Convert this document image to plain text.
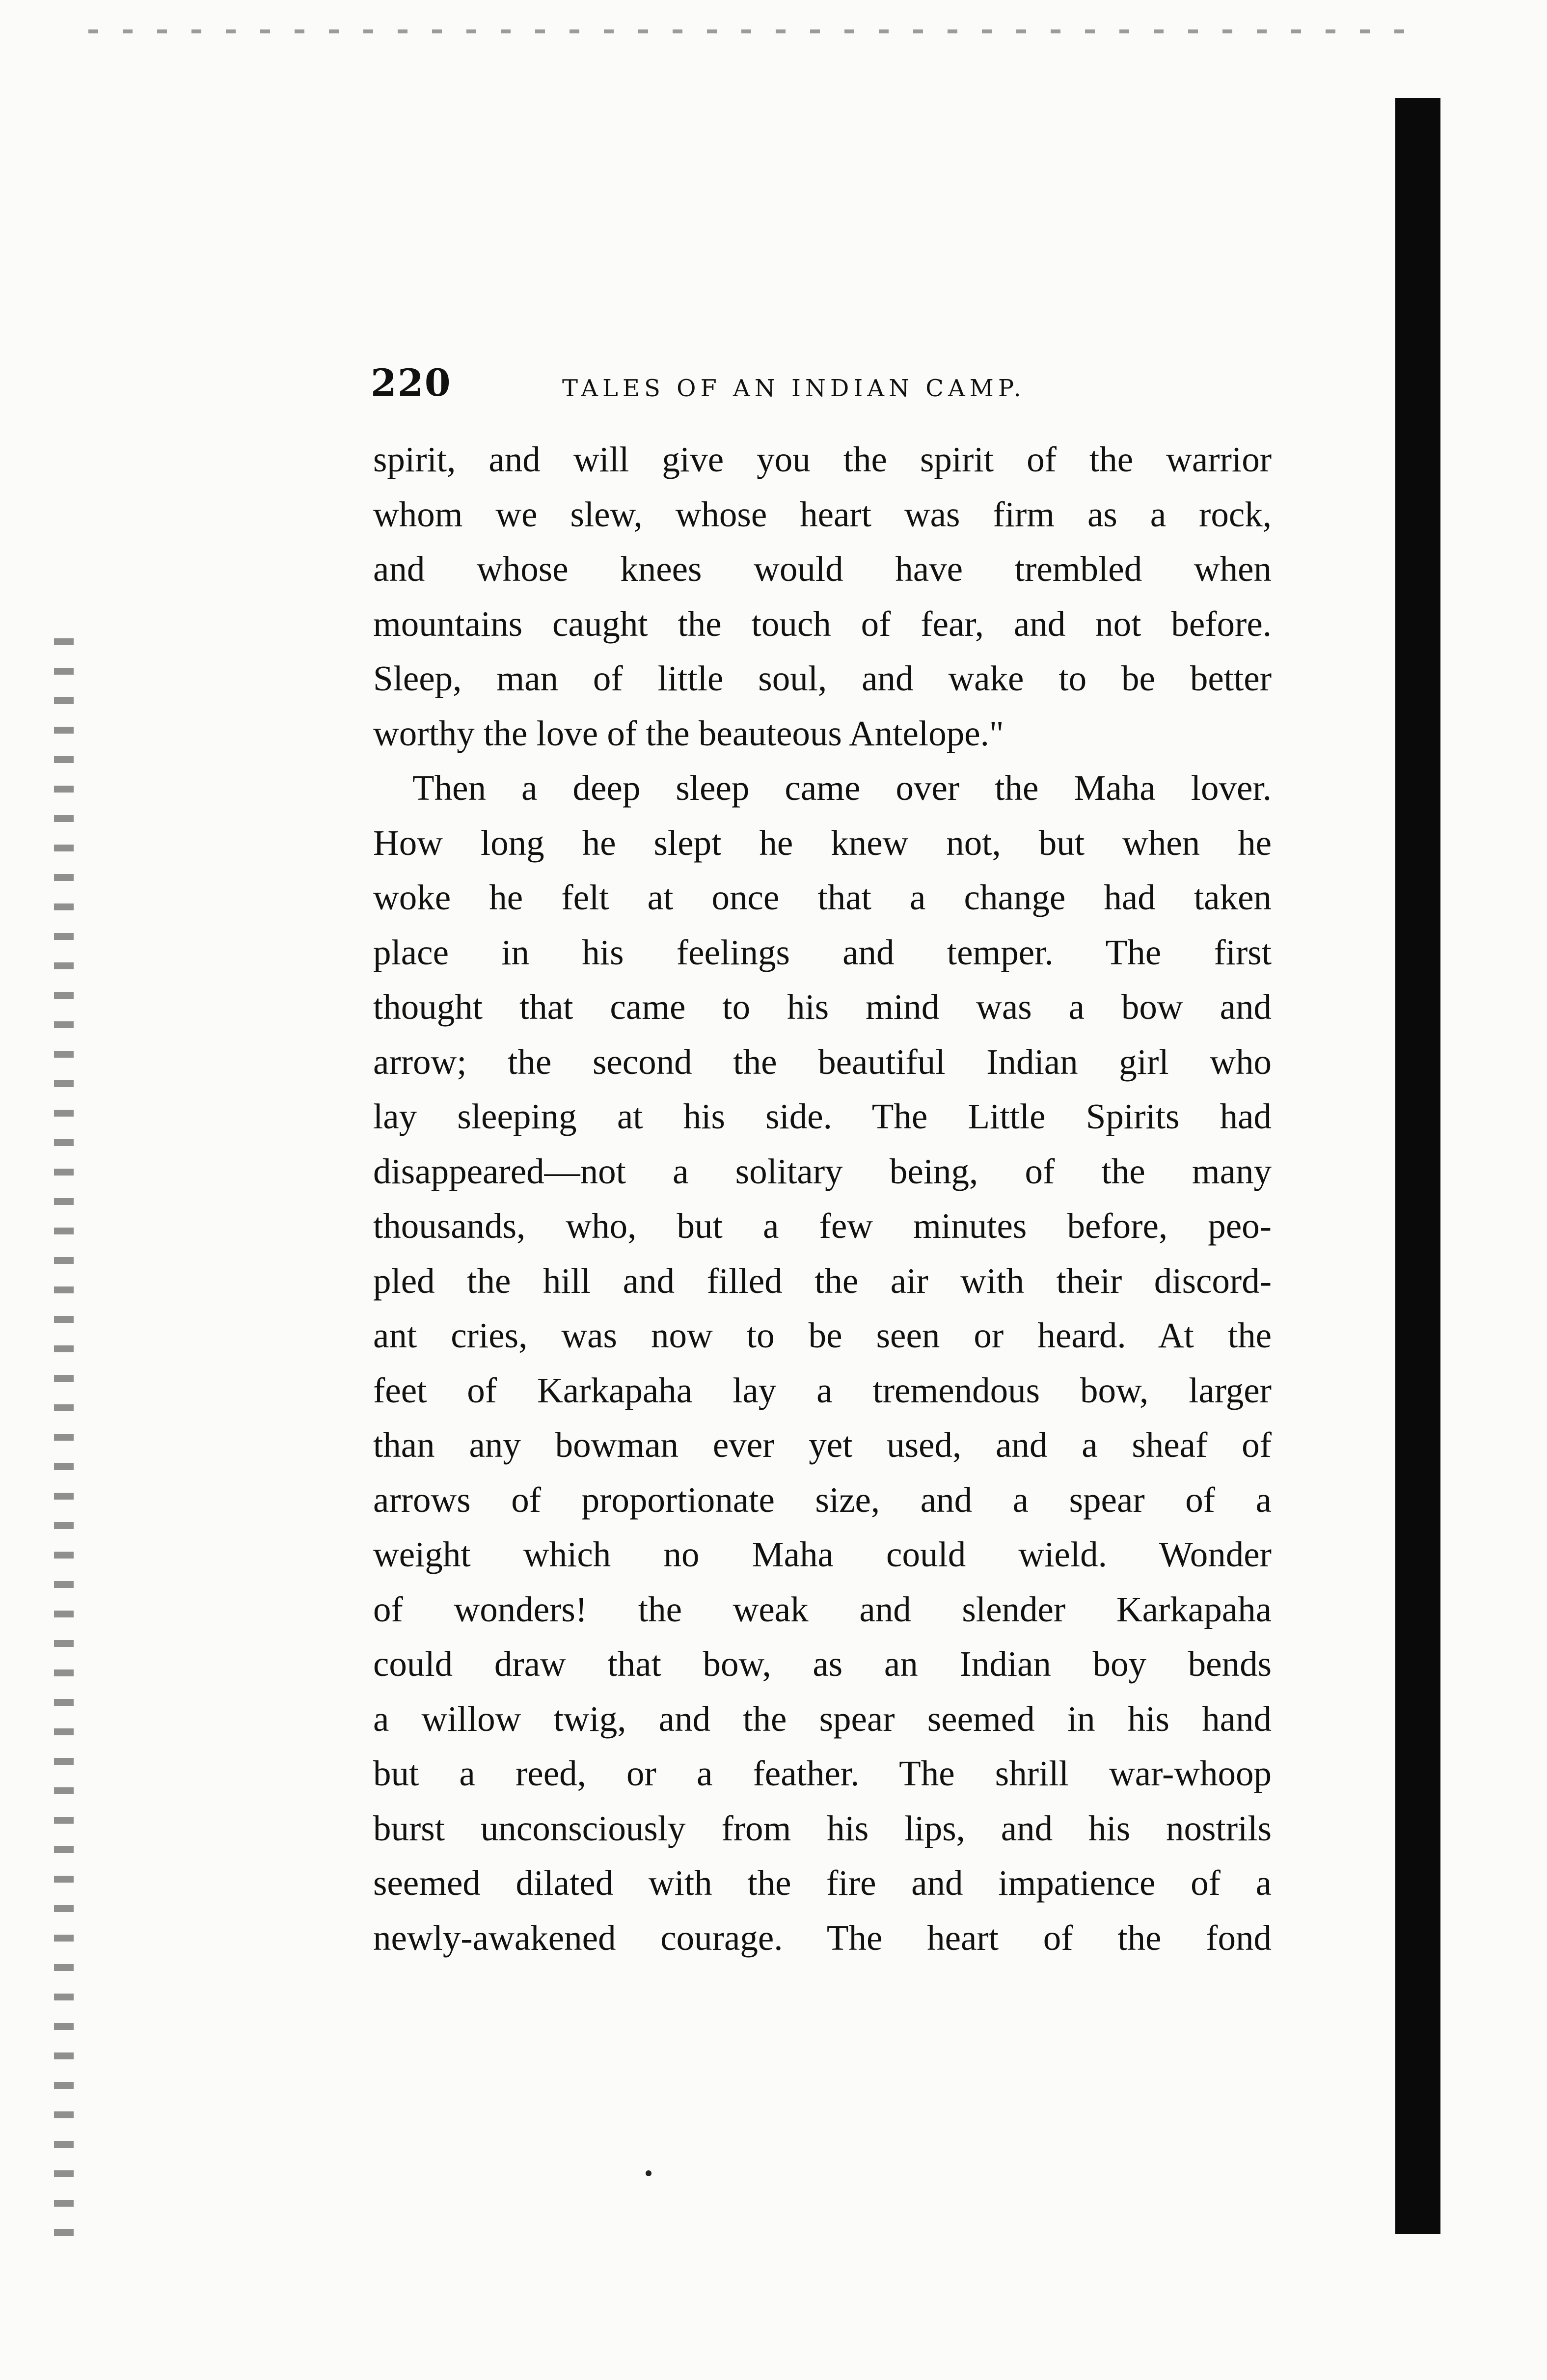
220	TALES OF AN INDIAN CAMP.
spirit, and will give you the spirit of the warrior
whom we slew, whose heart was firm as a rock,
and whose knees would have trembled when
mountains caught the touch of fear, and not before.
Sleep, man of little soul, and wake to be better
worthy the love of the beauteous Antelope."
Then a deep sleep came over the Maha lover.
How long he slept he knew not, but when he
woke he felt at once that a change had taken
place in his feelings and temper. The first
thought that came to his mind was a bow and
arrow; the second the beautiful Indian girl who
lay sleeping at his side. The Little Spirits had
disappeared—not a solitary being, of the many
thousands, who, but a few minutes before, peo-
pled the hill and filled the air with their discord-
ant cries, was now to be seen or heard. At the
feet of Karkapaha lay a tremendous bow, larger
than any bowman ever yet used, and a sheaf of
arrows of proportionate size, and a spear of a
weight which no Maha could wield. Wonder
of wonders! the weak and slender Karkapaha
could draw that bow, as an Indian boy bends
a willow twig, and the spear seemed in his hand
but a reed, or a feather. The shrill war-whoop
burst unconsciously from his lips, and his nostrils
seemed dilated with the fire and impatience of a
newly-awakened courage. The heart of the fond
